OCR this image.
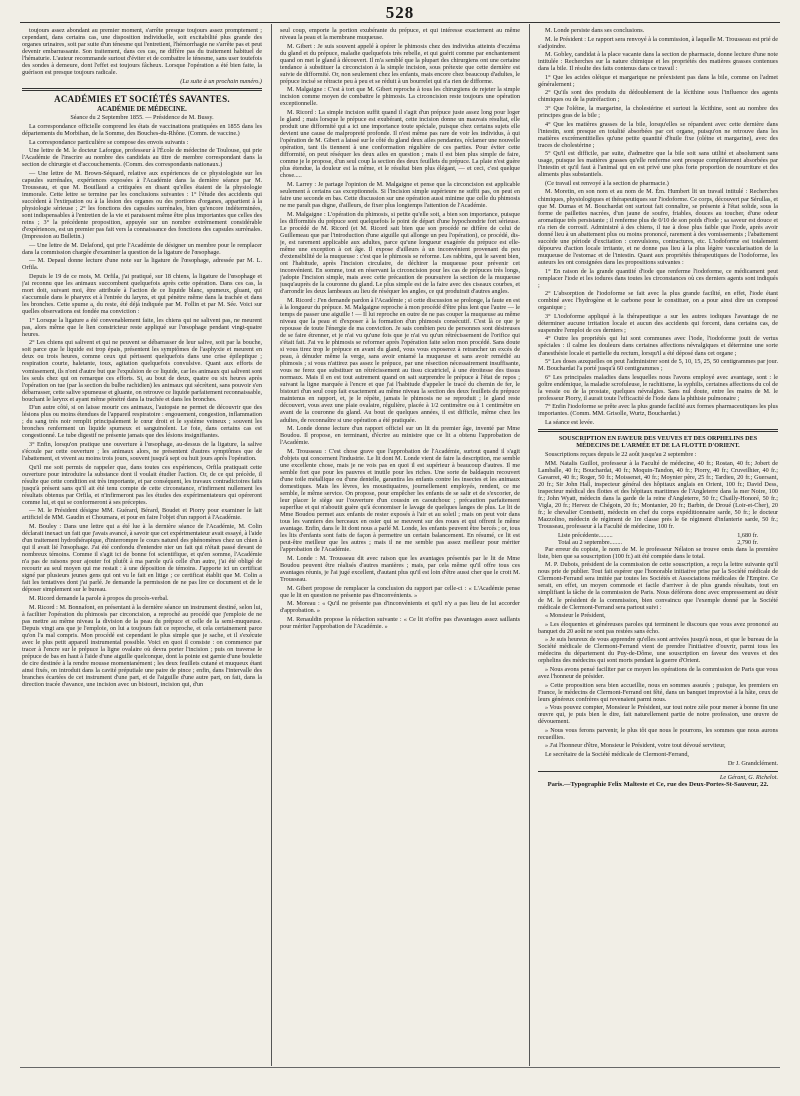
528

toujours assez abondant au premier moment, s'arrête presque toujours assez promptement ; cependant, dans certains cas, une disposition individuelle, soit excitabilité plus grande des organes urinaires, soit par suite d'un ténesme qui l'entretient, l'hémorrhagie ne s'arrête pas et peut devenir embarrassante. Son traitement, dans ces cas, ne diffère pas du traitement habituel de l'hématurie. L'auteur recommande surtout d'éviter et de combattre le ténesme, sans user toutefois des sondes à demeure, dont l'effet est toujours fâcheux. Lorsque l'opération a été bien faite, la guérison est presque toujours radicale.

(La suite à un prochain numéro.)
ACADÉMIES ET SOCIÉTÉS SAVANTES.
ACADÉMIE DE MÉDECINE.
Séance du 2 Septembre 1855. — Présidence de M. Bussy.

La correspondance officielle comprend les états de vaccinations pratiquées en 1855 dans les départements du Morbihan, de la Somme, des Bouches-du-Rhône. (Comm. de vaccine.)

La correspondance particulière se compose des envois suivants :

Une lettre de M. le docteur Laforgue, professeur à l'École de médecine de Toulouse, qui prie l'Académie de l'inscrire au nombre des candidats au titre de membre correspondant dans la section de chirurgie et d'accouchements. (Comm. des correspondants nationaux.)

— Une lettre de M. Brown-Séquard, relative aux expériences de ce physiologiste sur les capsules surrénales, expériences exposées à l'Académie dans la dernière séance par M. Trousseau, et que M. Bouillaud a critiquées en disant qu'elles étaient de la physiologie immorale. Cette lettre se termine par les conclusions suivantes : 1° l'étude des accidents qui succèdent à l'extirpation ou à la lésion des organes ou des portions d'organes, appartient à la physiologie sérieuse ; 2° les fonctions des capsules surrénales, bien qu'encore indéterminées, sont indispensables à l'entretien de la vie et paraissent même être plus importantes que celles des reins ; 3° la précédente proposition, appuyée sur un nombre extrêmement considérable d'expériences, est un premier pas fait vers la connaissance des fonctions des capsules surrénales. (Impression au Bulletin.)

— Une lettre de M. Delafond, qui prie l'Académie de désigner un membre pour le remplacer dans la commission chargée d'examiner la question de la ligature de l'œsophage.

— M. Depaul donne lecture d'une note sur la ligature de l'œsophage, adressée par M. L. Orfila.

Depuis le 19 de ce mois, M. Orfila, j'ai pratiqué, sur 18 chiens, la ligature de l'œsophage et j'ai reconnu que les animaux succombent quelquefois après cette opération. Dans ces cas, la mort doit, suivant moi, être attribuée à l'action de ce liquide blanc, spumeux, gluant, qui s'accumule dans le pharynx et à l'entrée du larynx, et qui pénètre même dans la trachée et dans les bronches. Cette spume a, du reste, été déjà indiquée par M. Follin et par M. Sée. Voici sur quelles observations est fondée ma conviction :

1° Lorsque la ligature a été convenablement faite, les chiens qui ne salivent pas, ne meurent pas, alors même que le lien constricteur reste appliqué sur l'œsophage pendant vingt-quatre heures.

2° Les chiens qui salivent et qui ne peuvent se débarrasser de leur salive, soit par la bouche, soit parce que le liquide est trop épais, présentent les symptômes de l'asphyxie et meurent en deux ou trois heures, comme ceux qui périssent quelquefois dans une crise épileptique ; respiration courte, haletante, toux, agitation quelquefois convulsive. Quant aux efforts de vomissement, ils n'ont d'autre but que l'expulsion de ce liquide, car les animaux qui salivent sont les seuls chez qui on remarque ces efforts. Si, au bout de deux, quatre ou six heures après l'opération on tue (par la section du bulbe rachidien) les animaux qui sécrètent, sans pouvoir s'en débarrasser, cette salive spumeuse et gluante, on retrouve ce liquide parfaitement reconnaissable, bouchant le larynx et ayant même pénétré dans la trachée et dans les bronches.

D'un autre côté, si on laisse mourir ces animaux, l'autopsie ne permet de découvrir que des lésions plus ou moins étendues de l'appareil respiratoire : engouement, congestion, inflammation ; du sang très noir remplit principalement le cœur droit et le système veineux ; souvent les bronches renferment un liquide spumeux et sanguinolent. Le foie, dans certains cas est congestionné. Le tube digestif ne présente jamais que des lésions insignifiantes.

3° Enfin, lorsqu'on pratique une ouverture à l'œsophage, au-dessus de la ligature, la salive s'écoule par cette ouverture ; les animaux alors, ne présentent d'autres symptômes que de l'abattement, et vivent au moins trois jours, souvent jusqu'à sept ou huit jours après l'opération.

Qu'il me soit permis de rappeler que, dans toutes ces expériences, Orfila pratiquait cette ouverture pour introduire la substance dont il voulait étudier l'action. Or, de ce qui précède, il résulte que cette condition est très importante, et par conséquent, les travaux contradictoires faits jusqu'à présent sans qu'il ait été tenu compte de cette circonstance, n'infirment nullement les résultats obtenus par Orfila, et n'infirmeront pas les études des expérimentateurs qui opéreront comme lui, et qui se conformeront à ses préceptes.

— M. le Président désigne MM. Guérard, Bérard, Boudet et Piorry pour examiner le lait artificiel de MM. Gaudin et Choumara, et pour en faire l'objet d'un rapport à l'Académie.

M. Bouley : Dans une lettre qui a été lue à la dernière séance de l'Académie, M. Colin déclarait inexact un fait que j'avais avancé, à savoir que cet expérimentateur avait essayé, à l'aide d'un traitement hydrothérapique, d'interrompre le cours naturel des phénomènes chez un chien à qui il avait lié l'œsophage. J'ai été confondu d'entendre nier un fait qui n'était passé devant de nombreux témoins. Comme il s'agit ici de bonne foi scientifique, et qu'en somme, l'Académie n'a pas de raisons pour ajouter foi plutôt à ma parole qu'à celle d'un autre, j'ai été obligé de recourir au seul moyen qui me restait : à une déposition de témoins. J'apporte ici un certificat signé par plusieurs jeunes gens qui ont vu le fait en litige ; ce certificat établit que M. Colin a fait les tentatives dont j'ai parlé. Je demande la permission de ne pas lire ce document et de le déposer simplement sur le bureau.

M. Ricord demande la parole à propos du procès-verbal.

M. Ricord : M. Bonnafont, en présentant à la dernière séance un instrument destiné, selon lui, à faciliter l'opération du phimosis par circoncision, a reproché au procédé que j'emploie de ne pas mettre au même niveau la division de la peau du prépuce et celle de la semi-muqueuse. Depuis vingt ans que je l'emploie, on lui a toujours fait ce reproche, et cela certainement parce qu'on l'a mal compris. Mon procédé est cependant le plus simple que je sache, et il s'exécute avec le plus petit appareil instrumental possible. Voici en quoi il consiste : on commence par tracer à l'encre sur le prépuce la ligne ovalaire où devra porter l'incision ; puis on traverse le prépuce de bas en haut à l'aide d'une aiguille quelconque, dont la pointe est garnie d'une boulette de cire destinée à la rendre mousse momentanément ; les deux feuillets cutané et muqueux étant ainsi fixés, on introduit dans la cavité préputiale une paire de pince ; enfin, dans l'intervalle des branches écartées de cet instrument d'une part, et de l'aiguille d'une autre part, on fait, dans la direction tracée d'avance, une incision avec un bistouri, incision qui, d'un

seul coup, emporte la portion exubérante du prépuce, et qui intéresse exactement au même niveau la peau et la membrane muqueuse.

M. Gibert : Je suis souvent appelé à opérer le phimosis chez des individus atteints d'eczéma du gland et du prépuce, maladie quelquefois très rebelle, et qui guérit comme par enchantement quand on met le gland à découvert. Il m'a semblé que la plupart des chirurgiens ont une certaine tendance à substituer la circoncision à la simple incision, sous prétexte que cette dernière est suivie de difformité. Or, non seulement chez les enfants, mais encore chez beaucoup d'adultes, le prépuce incisé se rétracte peu à peu et se réduit à un bourrelet qui n'a rien de difforme.

M. Malgaigne : C'est à tort que M. Gibert reproche à tous les chirurgiens de rejeter la simple incision comme moyen de combattre le phimosis. La circoncision reste toujours une opération exceptionnelle.

M. Ricord : La simple incision suffit quand il s'agit d'un prépuce juste assez long pour loger le gland ; mais lorsque le prépuce est exubérant, cette incision donne un mauvais résultat, elle produit une difformité qui a ici une importance toute spéciale, puisque chez certains sujets elle devient une cause de malpropreté profonde. Il n'est même pas rare de voir les individus, à qui l'opération de M. Gibert a laissé sur le côté du gland deux ailes pendantes, réclamer une nouvelle opération, tant ils tiennent à une conformation régulière de ces parties. Pour éviter cette difformité, on peut réséquer les deux ailes en question ; mais il est bien plus simple de faire, comme je le propose, d'un seul coup la section des deux feuillets du prépuce. La plaie n'est guère plus étendue, la douleur est la même, et le résultat bien plus élégant, — et ceci, c'est quelque chose.....

M. Larrey : Je partage l'opinion de M. Malgaigne et pense que la circoncision est applicable seulement à certains cas exceptionnels. Si l'incision simple supérieure ne suffit pas, on peut en faire une seconde en bas. Cette discussion sur une opération aussi minime que celle du phimosis ne me paraît pas digne, d'ailleurs, de fixer plus longtemps l'attention de l'Académie.

M. Malgaigne : L'opération du phimosis, si petite qu'elle soit, a bien son importance, puisque les difformités du prépuce sont quelquefois le point de départ d'une hypochondrie fort sérieuse. Le procédé de M. Ricord (et M. Ricord sait bien que son procédé ne diffère de celui de Guillemeau que par l'introduction d'une aiguille qui allonge un peu l'opération), ce procédé, dis-je, est rarement applicable aux adultes, parce qu'une longueur exagérée du prépuce est elle-même une exception à cet âge. Il expose d'ailleurs à un inconvénient provenant du peu d'extensibilité de la muqueuse : c'est que le phimosis se reforme. Les rabbins, qui le savent bien, ont l'habitude, après l'incision circulaire, de déchirer la muqueuse pour prévenir cet inconvénient. En somme, tout en réservant la circoncision pour les cas de prépuces très longs, j'adopte l'incision simple, mais avec cette précaution de poursuivre la section de la muqueuse jusqu'auprès de la couronne du gland. Le plus simple est de la faire avec des ciseaux courbes, et d'arrondir les deux lambeaux au lieu de réséquer les angles, ce qui produirait d'autres angles.

M. Ricord : J'en demande pardon à l'Académie ; si cette discussion se prolonge, la faute en est à la longueur du prépuce. M. Malgaigne reproche à mon procédé d'être plus lent que l'autre — le temps de passer une aiguille ! — Il lui reproche en outre de ne pas couper la muqueuse au même niveau que la peau et d'exposer à la formation d'un phimosis consécutif. C'est là ce que je repousse de toute l'énergie de ma conviction. Je sais combien peu de personnes sont désireuses de se faire étrenner, et je n'ai vu qu'une fois que je n'ai vu qu'un rétrécissement de l'orifice qui s'était fait. J'ai vu le phimosis se reformer après l'opération faite selon mon procédé. Sans doute si vous tirez trop le prépuce en avant du gland, vous vous exposerez à retrancher un excès de peau, à dénuder même la verge, sans avoir entamé la muqueuse et sans avoir remédié au phimosis ; si vous n'attirez pas assez le prépuce, par une résection nécessairement insuffisante, vous ne ferez que substituer un rétrécissement au tissu cicatriciel, à une étroitesse des tissus normaux. Mais il en est tout autrement quand on sait surprendre le prépuce à l'état de repos ; suivant la ligne marquée à l'encre et que j'ai l'habitude d'appeler le tracé du chemin de fer, le bistouri d'un seul coup fait exactement au même niveau la section des deux feuillets du prépuce maintenus en rapport, et, je le répète, jamais le phimosis ne se reproduit ; le gland reste découvert, vous avez une plaie ovalaire, régulière, placée à 1/2 centimètre ou à 1 centimètre en avant de la couronne du gland. Au bout de quelques années, il est difficile, même chez les adultes, de reconnaître si une opération a été pratiquée.

M. Londe donne lecture d'un rapport officiel sur un lit du premier âge, inventé par Mme Boudou. Il propose, en terminant, d'écrire au ministre que ce lit a obtenu l'approbation de l'Académie.

M. Trousseau : C'est chose grave que l'approbation de l'Académie, surtout quand il s'agit d'objets qui concernent l'industrie. Le lit dont M. Londe vient de faire la description, me semble une excellente chose, mais je ne vois pas en quoi il est supérieur à beaucoup d'autres. Il me semble fort que pour les pauvres et inutile pour les riches. Une sorte de baldaquin recouvert d'une toile métallique ou d'une dentelle, garantira les enfants contre les insectes et les animaux domestiques. Mais les lèvres, les moustiquaires, journellement employés, rendent, ce me semble, le même service. On propose, pour empêcher les enfants de se salir et de s'excorier, de leur placer le siège sur l'ouverture d'un coussin en caoutchouc ; précaution parfaitement superflue et qui n'aboutit guère qu'à économiser le lavage de quelques langes de plus. Le lit de Mme Boudou permet aux enfants de rester exposés à l'air et au soleil ; mais on peut voir dans tous les vanniers des berceaux en osier qui se meuvent sur des roues et qui offrent le même avantage. Enfin, dans le lit dont nous a parlé M. Londe, les enfants peuvent être bercés ; or, tous les lits d'enfants sont faits de façon à permettre un certain balancement. En résumé, ce lit est peut-être meilleur que les autres ; mais il ne me semble pas assez meilleur pour mériter l'approbation de l'Académie.

M. Londe : M. Trousseau dit avec raison que les avantages présentés par le lit de Mme Boudou peuvent être réalisés d'autres manières ; mais, par cela même qu'il offre tous ces avantages réunis, je l'ai jugé excellent, d'autant plus qu'il est loin d'être aussi cher que le croit M. Trousseau.

M. Gibert propose de remplacer la conclusion du rapport par celle-ci : « L'Académie pense que le lit en question ne présente pas d'inconvénients. »

M. Moreau : « Qu'il ne présente pas d'inconvénients et qu'il n'y a pas lieu de lui accorder d'approbation. »

M. Renauldin propose la rédaction suivante : « Ce lit n'offre pas d'avantages assez saillants pour mériter l'approbation de l'Académie. »

M. Londe persiste dans ses conclusions.

M. le Président : Le rapport sera renvoyé à la commission, à laquelle M. Trousseau est prié de s'adjoindre.

M. Gobley, candidat à la place vacante dans la section de pharmacie, donne lecture d'une note intitulée : Recherches sur la nature chimique et les propriétés des matières grasses contenues dans la bile. Il résulte des faits contenus dans ce travail :

1° Que les acides oléique et margarique ne préexistent pas dans la bile, comme on l'admet généralement ;

2° Qu'ils sont des produits du dédoublement de la lécithine sous l'influence des agents chimiques ou de la putréfaction ;

3° Que l'oléine, la margarine, la cholestérine et surtout la lécithine, sont au nombre des principes gras de la bile ;

4° Que les matières grasses de la bile, lorsqu'elles se répandent avec cette dernière dans l'intestin, sont presque en totalité absorbées par cet organe, puisqu'on ne retrouve dans les matières excrémentitielles qu'une petite quantité d'huile fixe (oléine et margarine), avec des traces de cholestérine ;

5° Qu'il est difficile, par suite, d'admettre que la bile soit sans utilité et absolument sans usage, puisque les matières grasses qu'elle renferme sont presque complètement absorbées par l'intestin et qu'il faut à l'animal qui en est privé une plus forte proportion de nourriture et des aliments plus substantiels.

(Ce travail est renvoyé à la section de pharmacie.)

M. Moretin, en son nom et au nom de M. Ém. Humbert lit un travail intitulé : Recherches chimiques, physiologiques et thérapeutiques sur l'iodoforme. Ce corps, découvert par Sérullas, et que M. Dumas et M. Bouchardat ont surtout fait connaître, se présente à l'état solide, sous la forme de paillettes nacrées, d'un jaune de soufre, friables, douces au toucher, d'une odeur aromatique très persistante ; il renferme plus de 0/10 de son poids d'iode ; sa saveur est douce et n'a rien de corrosif. Administré à des chiens, il tue à dose plus faible que l'iode, après avoir donné lieu à un abattement plus ou moins prononcé, rarement à des vomissements ; l'abattement succède une période d'excitation : convulsions, contractures, etc. L'iodoforme est totalement dépourvu d'action locale irritante, et ne donne pas lieu à la plus légère vascularisation de la muqueuse de l'estomac et de l'intestin. Quant aux propriétés thérapeutiques de l'iodoforme, les auteurs les ont consignées dans les propositions suivantes :

1° En raison de la grande quantité d'iode que renferme l'iodoforme, ce médicament peut remplacer l'iode et les iodures dans toutes les circonstances où ces derniers agents sont indiqués ;

2° L'absorption de l'iodoforme se fait avec la plus grande facilité, en effet, l'iode étant combiné avec l'hydrogène et le carbone pour le constituer, on a pour ainsi dire un composé organique ;

3° L'iodoforme appliqué à la thérapeutique a sur les autres iodiques l'avantage de ne déterminer aucune irritation locale et aucun des accidents qui forcent, dans certains cas, de suspendre l'emploi de ces derniers ;

4° Outre les propriétés qui lui sont communes avec l'iode, l'iodoforme jouit de vertus spéciales : il calme les douleurs dans certaines affections névralgiques et détermine une sorte d'anesthésie locale et partielle du rectum, lorsqu'il a été déposé dans cet organe ;

5° Les doses auxquelles on peut l'administrer sont de 5, 10, 15, 25, 50 centigrammes par jour. M. Bouchardat l'a porté jusqu'à 60 centigrammes ;

6° Les principales maladies dans lesquelles nous l'avons employé avec avantage, sont : le goître endémique, la maladie scrofuleuse, le rachitisme, la syphilis, certaines affections du col de la vessie ou de la prostate, quelques névralgies. Sans nul doute, entre les mains de M. le professeur Piorry, il aurait toute l'efficacité de l'iode dans la phthisie pulmonaire ;

7° Enfin l'iodoforme se prête avec la plus grande facilité aux formes pharmaceutiques les plus importantes. (Comm. MM. Grisolle, Wurtz, Bouchardat.)

La séance est levée.

SOUSCRIPTION EN FAVEUR DES VEUVES ET DES ORPHELINS DES
MÉDECINS DE L'ARMÉE ET DE LA FLOTTE D'ORIENT.

Souscriptions reçues depuis le 22 août jusqu'au 2 septembre :

MM. Natalis Guillot, professeur à la Faculté de médecine, 40 fr.; Rostan, 40 fr.; Jobert de Lamballe, 40 fr.; Bouchardat, 40 fr.; Moquin-Tandon, 40 fr.; Piorry, 40 fr.; Cruveilhier, 40 fr.; Gavarret, 40 fr.; Roger, 50 fr.; Moissenet, 40 fr.; Moynier père, 25 fr.; Tardieu, 20 fr.; Guersant, 20 fr.; Sir John Hall, inspecteur général des hôpitaux anglais en Orient, 100 fr.; David Dess, inspecteur médical des flottes et des hôpitaux maritimes de l'Angleterre dans la mer Noire, 100 fr.; John Wyatt, médecin dans la garde de la reine d'Angleterre, 50 fr.; Chailly-Honoré, 50 fr.; Vigla, 20 fr.; Hervez de Chégoin, 20 fr.; Montanier, 20 fr.; Barbin, de Droué (Loir-et-Cher), 20 fr.; le chevalier Comisetti, médecin en chef du corps expéditionnaire sarde, 50 fr.; le docteur Mazzolino, médecin de régiment de 1re classe près le 6e régiment d'infanterie sarde, 50 fr.; Trousseau, professeur à la Faculté de médecine, 100 fr.

Liste précédente.........	1,680 fr.
Total au 2 septembre........	2,790 fr.

Par erreur du copiste, le nom de M. le professeur Nélaton se trouve omis dans la première liste, bien que sa souscription (100 fr.) ait été comptée dans le total.

M. P. Dubois, président de la commission de cette souscription, a reçu la lettre suivante qu'il nous prie de publier. Tout fait espérer que l'honorable initiative prise par la Société médicale de Clermont-Ferrand sera imitée par toutes les Sociétés et Associations médicales de l'Empire. Ce serait, en effet, un moyen commode et facile d'arriver à de plus grands résultats, tout en simplifiant la tâche de la commission de Paris. Nous déférons donc avec empressement au désir de M. le président de la commission, bien convaincu que l'exemple donné par la Société médicale de Clermont-Ferrand sera partout suivi :

« Monsieur le Président,

» Les éloquentes et généreuses paroles qui terminent le discours que vous avez prononcé au banquet du 20 août ne sont pas restées sans écho.

» Je suis heureux de vous apprendre qu'elles sont arrivées jusqu'à nous, et que le bureau de la Société médicale de Clermont-Ferrand vient de prendre l'initiative d'ouvrir, parmi tous les médecins du département du Puy-de-Dôme, une souscription en faveur des veuves et des orphelins des médecins qui sont morts pendant la guerre d'Orient.

» Nous avons pensé faciliter par ce moyen les opérations de la commission de Paris que vous avez l'honneur de présider.

» Cette proposition sera bien accueillie, nous en sommes assurés ; puisque, les premiers en France, le médecins de Clermont-Ferrand ont fêté, dans un banquet improvisé à la hâte, ceux de leurs généreux confrères qui revenaient parmi nous.

» Vous pouvez compter, Monsieur le Président, sur tout notre zèle pour mener à bonne fin une œuvre qui, je puis bien le dire, fait naturellement partie de notre profession, une œuvre de dévouement.

» Nous vous ferons parvenir, le plus tôt que nous le pourrons, les sommes que nous aurons recueillies.

» J'ai l'honneur d'être, Monsieur le Président, votre tout dévoué serviteur,

Le secrétaire de la Société médicale de Clermont-Ferrand,

Dr J. Grandclément.
Le Gérant, G. Richelot.
Paris.—Typographie Felix Malteste et Ce, rue des Deux-Portes-St-Sauveur, 22.
